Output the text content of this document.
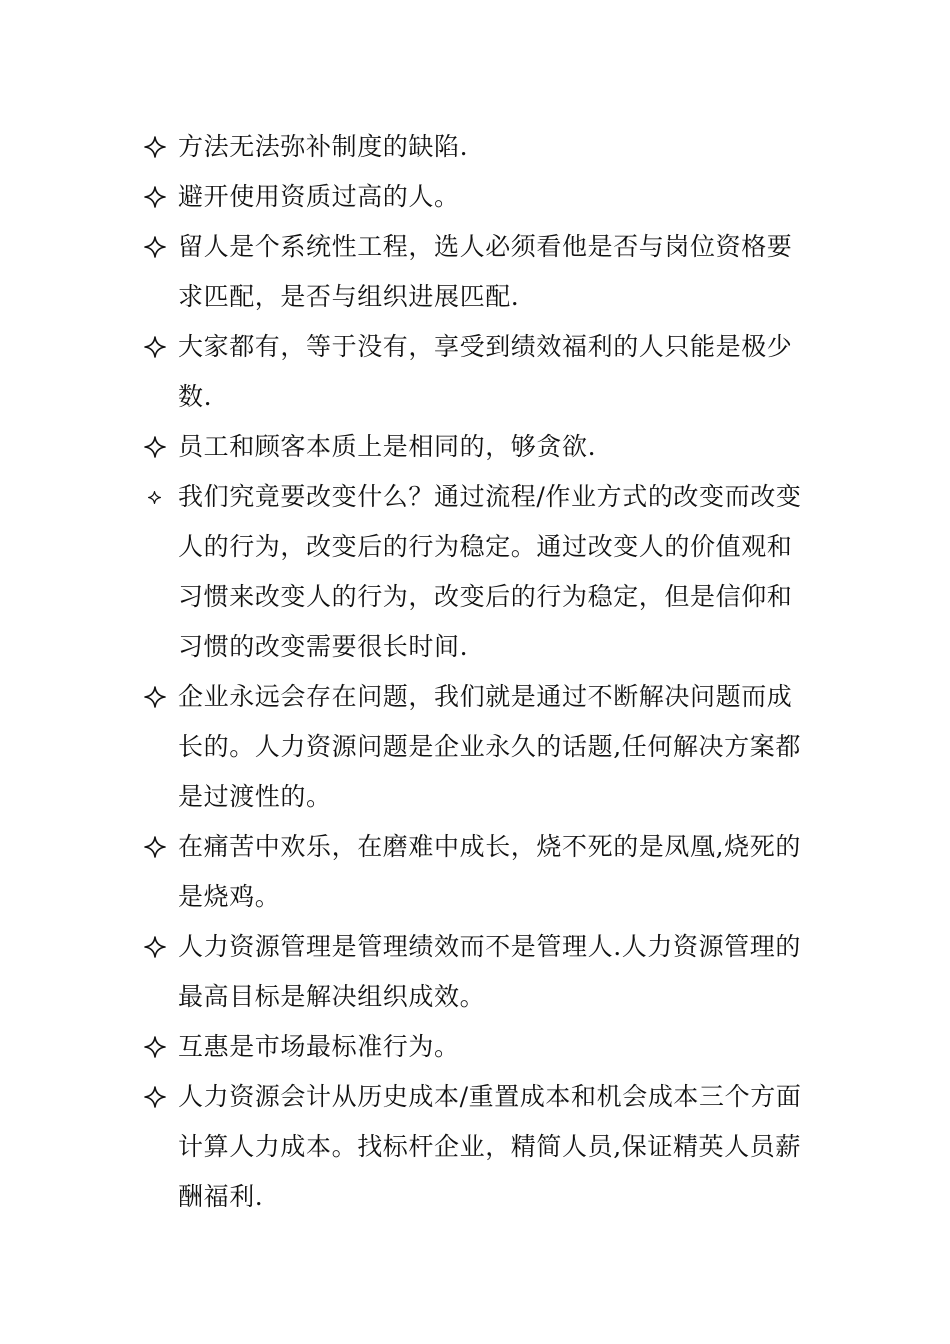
方法无法弥补制度的缺陷.
避开使用资质过高的人。
留人是个系统性工程，选人必须看他是否与岗位资格要求匹配，是否与组织进展匹配.
大家都有，等于没有，享受到绩效福利的人只能是极少数.
员工和顾客本质上是相同的，够贪欲.
我们究竟要改变什么？通过流程/作业方式的改变而改变人的行为，改变后的行为稳定。通过改变人的价值观和习惯来改变人的行为，改变后的行为稳定，但是信仰和习惯的改变需要很长时间.
企业永远会存在问题，我们就是通过不断解决问题而成长的。人力资源问题是企业永久的话题,任何解决方案都是过渡性的。
在痛苦中欢乐，在磨难中成长，烧不死的是凤凰,烧死的是烧鸡。
人力资源管理是管理绩效而不是管理人.人力资源管理的最高目标是解决组织成效。
互惠是市场最标准行为。
人力资源会计从历史成本/重置成本和机会成本三个方面计算人力成本。找标杆企业，精简人员,保证精英人员薪酬福利.
